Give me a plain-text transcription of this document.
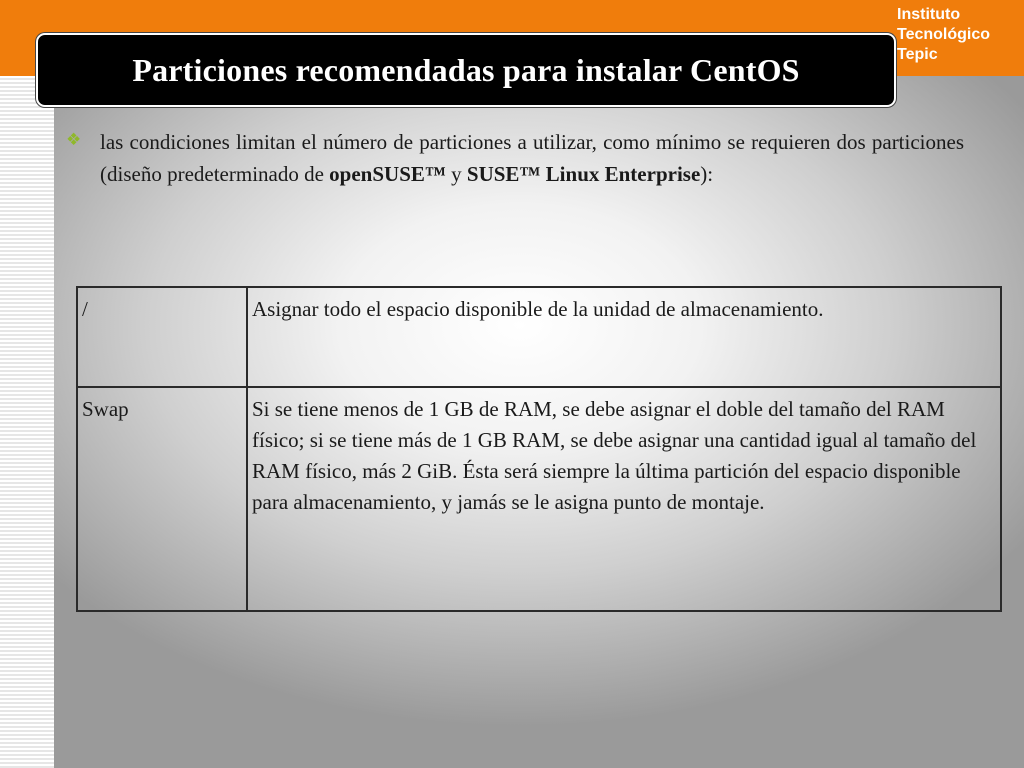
Instituto
Tecnológico
Tepic
Particiones recomendadas para instalar CentOS
❖ las condiciones limitan el número de particiones a utilizar, como mínimo se requieren dos particiones (diseño predeterminado de openSUSE™ y SUSE™ Linux Enterprise):
/	Asignar todo el espacio disponible de la unidad de almacenamiento.
Swap	Si se tiene menos de 1 GB de RAM, se debe asignar el doble del tamaño del RAM físico; si se tiene más de 1 GB RAM, se debe asignar una cantidad igual al tamaño del RAM físico, más 2 GiB. Ésta será siempre la última partición del espacio disponible para almacenamiento, y jamás se le asigna punto de montaje.
